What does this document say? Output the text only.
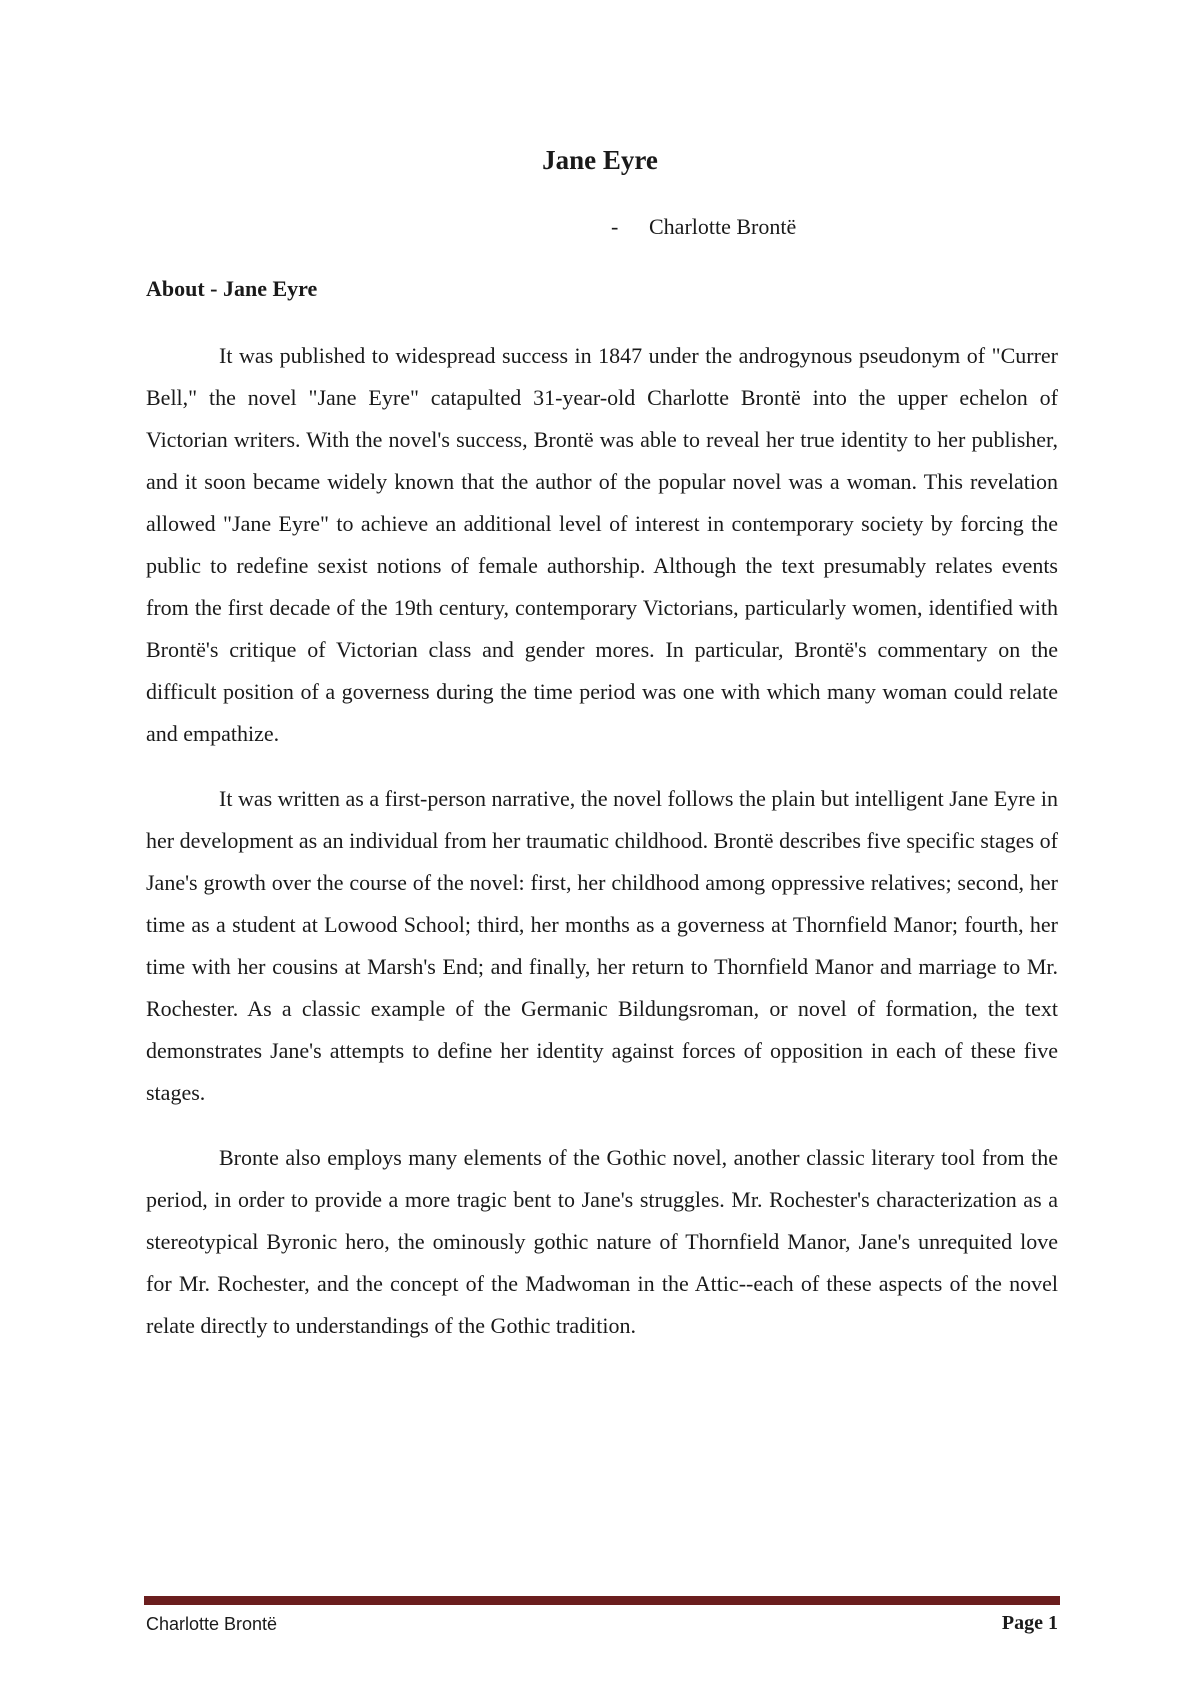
Jane Eyre
- Charlotte Brontë
About - Jane Eyre

It was published to widespread success in 1847 under the androgynous pseudonym of "Currer Bell," the novel "Jane Eyre" catapulted 31-year-old Charlotte Brontë into the upper echelon of Victorian writers. With the novel's success, Brontë was able to reveal her true identity to her publisher, and it soon became widely known that the author of the popular novel was a woman. This revelation allowed "Jane Eyre" to achieve an additional level of interest in contemporary society by forcing the public to redefine sexist notions of female authorship. Although the text presumably relates events from the first decade of the 19th century, contemporary Victorians, particularly women, identified with Brontë's critique of Victorian class and gender mores. In particular, Brontë's commentary on the difficult position of a governess during the time period was one with which many woman could relate and empathize.

It was written as a first-person narrative, the novel follows the plain but intelligent Jane Eyre in her development as an individual from her traumatic childhood. Brontë describes five specific stages of Jane's growth over the course of the novel: first, her childhood among oppressive relatives; second, her time as a student at Lowood School; third, her months as a governess at Thornfield Manor; fourth, her time with her cousins at Marsh's End; and finally, her return to Thornfield Manor and marriage to Mr. Rochester. As a classic example of the Germanic Bildungsroman, or novel of formation, the text demonstrates Jane's attempts to define her identity against forces of opposition in each of these five stages.

Bronte also employs many elements of the Gothic novel, another classic literary tool from the period, in order to provide a more tragic bent to Jane's struggles. Mr. Rochester's characterization as a stereotypical Byronic hero, the ominously gothic nature of Thornfield Manor, Jane's unrequited love for Mr. Rochester, and the concept of the Madwoman in the Attic--each of these aspects of the novel relate directly to understandings of the Gothic tradition.

Charlotte Brontë	Page 1
